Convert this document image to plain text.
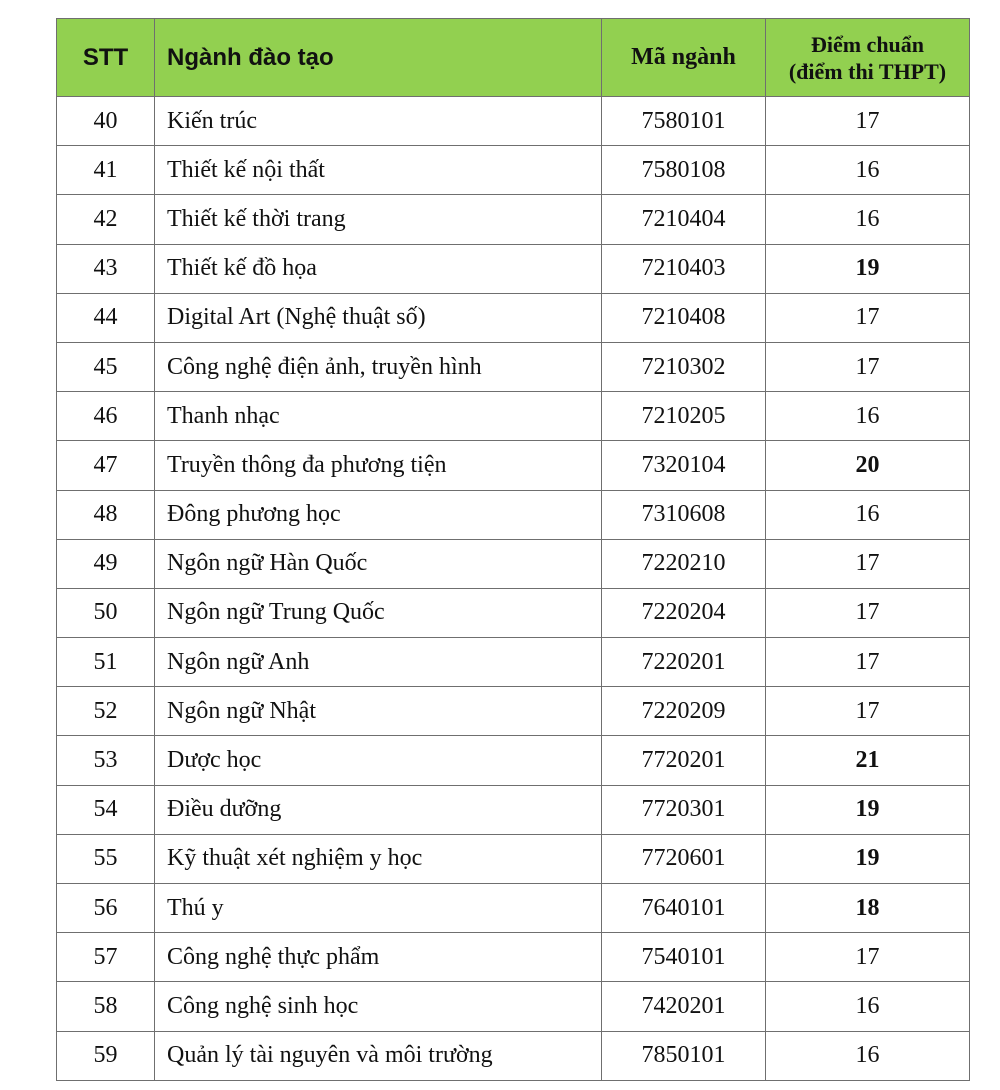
STT	Ngành đào tạo	Mã ngành	Điểm chuẩn
(điểm thi THPT)

40	Kiến trúc	7580101	17
41	Thiết kế nội thất	7580108	16
42	Thiết kế thời trang	7210404	16
43	Thiết kế đồ họa	7210403	19
44	Digital Art (Nghệ thuật số)	7210408	17
45	Công nghệ điện ảnh, truyền hình	7210302	17
46	Thanh nhạc	7210205	16
47	Truyền thông đa phương tiện	7320104	20
48	Đông phương học	7310608	16
49	Ngôn ngữ Hàn Quốc	7220210	17
50	Ngôn ngữ Trung Quốc	7220204	17
51	Ngôn ngữ Anh	7220201	17
52	Ngôn ngữ Nhật	7220209	17
53	Dược học	7720201	21
54	Điều dưỡng	7720301	19
55	Kỹ thuật xét nghiệm y học	7720601	19
56	Thú y	7640101	18
57	Công nghệ thực phẩm	7540101	17
58	Công nghệ sinh học	7420201	16
59	Quản lý tài nguyên và môi trường	7850101	16
